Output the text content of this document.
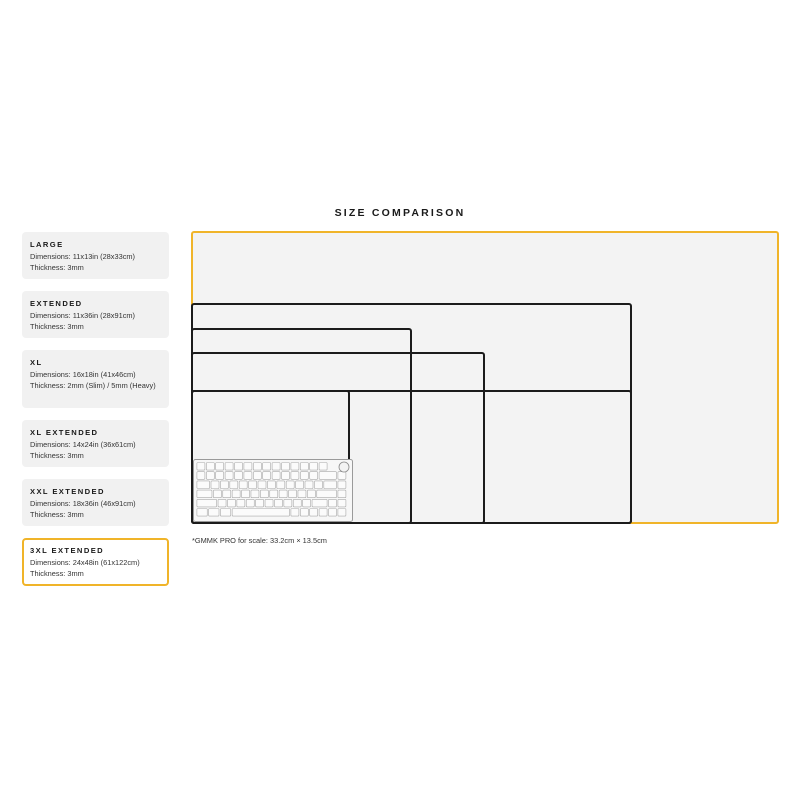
SIZE COMPARISON
LARGE
Dimensions: 11x13in (28x33cm)
Thickness: 3mm
EXTENDED
Dimensions: 11x36in (28x91cm)
Thickness: 3mm
XL
Dimensions: 16x18in (41x46cm)
Thickness: 2mm (Slim) / 5mm (Heavy)
XL EXTENDED
Dimensions: 14x24in (36x61cm)
Thickness: 3mm
XXL EXTENDED
Dimensions: 18x36in (46x91cm)
Thickness: 3mm
3XL EXTENDED
Dimensions: 24x48in (61x122cm)
Thickness: 3mm
*GMMK PRO for scale: 33.2cm × 13.5cm
